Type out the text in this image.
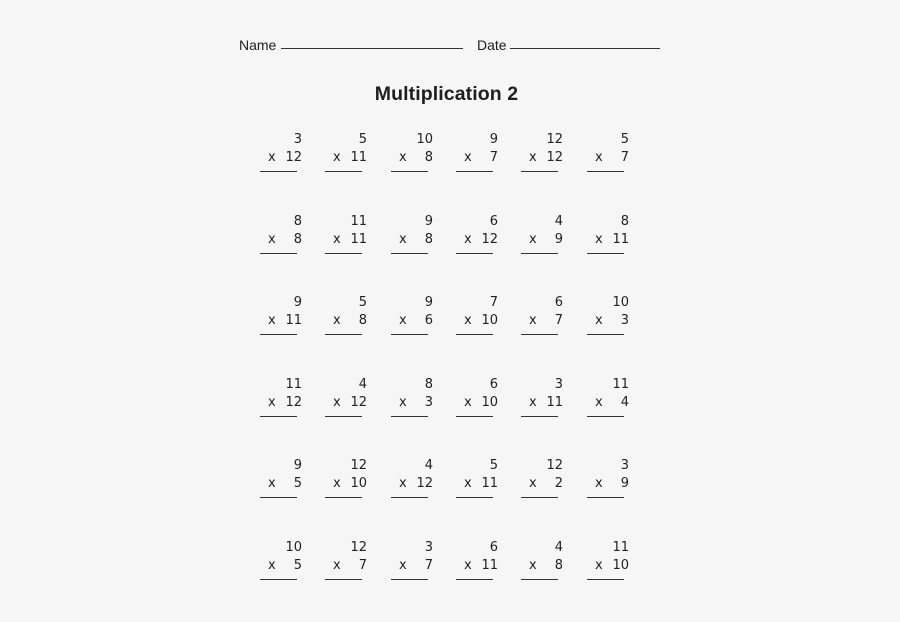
Name	Date
Multiplication 2
3
x 12
5
x 11
10
x 8
9
x 7
12
x 12
5
x 7
8
x 8
11
x 11
9
x 8
6
x 12
4
x 9
8
x 11
9
x 11
5
x 8
9
x 6
7
x 10
6
x 7
10
x 3
11
x 12
4
x 12
8
x 3
6
x 10
3
x 11
11
x 4
9
x 5
12
x 10
4
x 12
5
x 11
12
x 2
3
x 9
10
x 5
12
x 7
3
x 7
6
x 11
4
x 8
11
x 10
